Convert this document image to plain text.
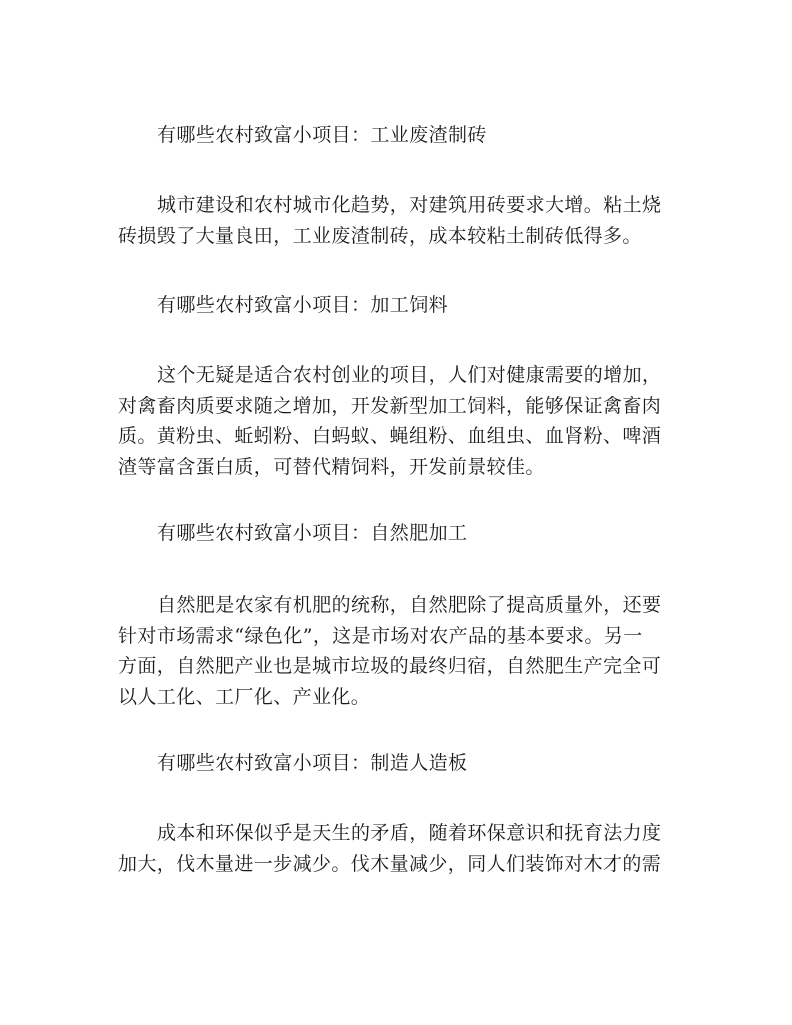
有哪些农村致富小项目：工业废渣制砖
城市建设和农村城市化趋势，对建筑用砖要求大增。粘土烧
砖损毁了大量良田，工业废渣制砖，成本较粘土制砖低得多。
有哪些农村致富小项目：加工饲料
这个无疑是适合农村创业的项目，人们对健康需要的增加，
对禽畜肉质要求随之增加，开发新型加工饲料，能够保证禽畜肉
质。黄粉虫、蚯蚓粉、白蚂蚁、蝇组粉、血组虫、血肾粉、啤酒
渣等富含蛋白质，可替代精饲料，开发前景较佳。
有哪些农村致富小项目：自然肥加工
自然肥是农家有机肥的统称，自然肥除了提高质量外，还要
针对市场需求“绿色化”，这是市场对农产品的基本要求。另一
方面，自然肥产业也是城市垃圾的最终归宿，自然肥生产完全可
以人工化、工厂化、产业化。
有哪些农村致富小项目：制造人造板
成本和环保似乎是天生的矛盾，随着环保意识和抚育法力度
加大，伐木量进一步减少。伐木量减少，同人们装饰对木才的需
